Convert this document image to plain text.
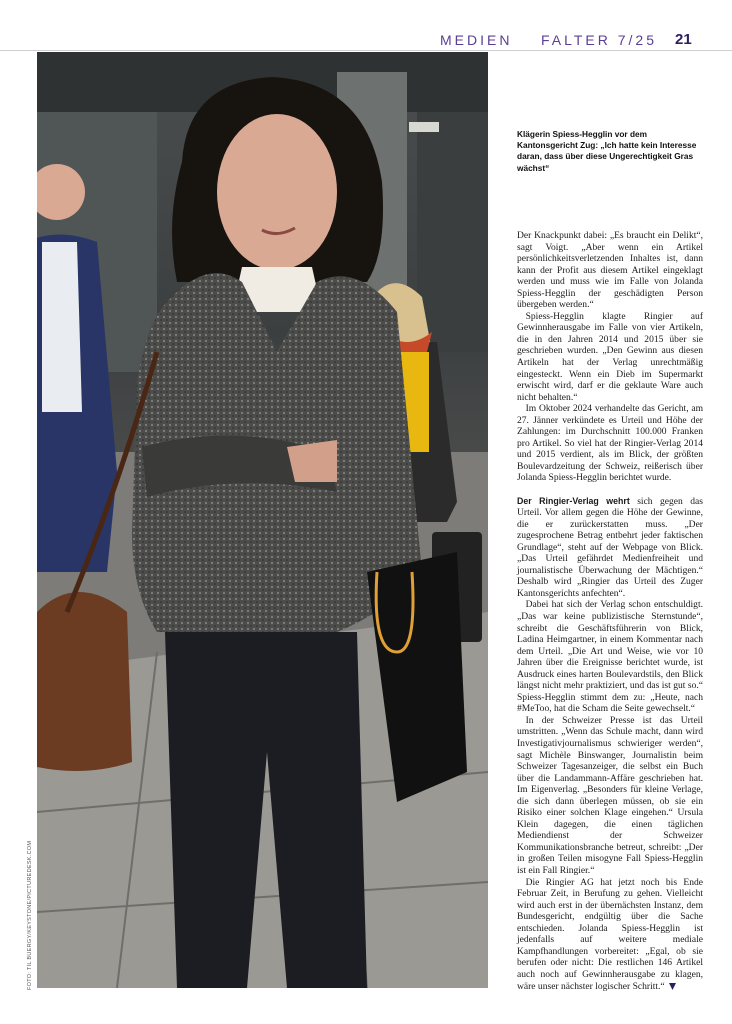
MEDIEN FALTER 7/25 21
FOTO: TIL BUERGY/KEYSTONE/PICTUREDESK.COM
Klägerin Spiess-Hegglin vor dem Kantonsgericht Zug: „Ich hatte kein Interesse daran, dass über diese Ungerechtigkeit Gras wächst“

Der Knackpunkt dabei: „Es braucht ein Delikt“, sagt Voigt. „Aber wenn ein Artikel persönlichkeitsverletzenden Inhaltes ist, dann kann der Profit aus diesem Artikel eingeklagt werden und muss wie im Falle von Jolanda Spiess-Hegglin der geschädigten Person übergeben werden.“

Spiess-Hegglin klagte Ringier auf Gewinnherausgabe im Falle von vier Artikeln, die in den Jahren 2014 und 2015 über sie geschrieben wurden. „Den Gewinn aus diesen Artikeln hat der Verlag unrechtmäßig eingesteckt. Wenn ein Dieb im Supermarkt erwischt wird, darf er die geklaute Ware auch nicht behalten.“

Im Oktober 2024 verhandelte das Gericht, am 27. Jänner verkündete es Urteil und Höhe der Zahlungen: im Durchschnitt 100.000 Franken pro Artikel. So viel hat der Ringier-Verlag 2014 und 2015 verdient, als im Blick, der größten Boulevardzeitung der Schweiz, reißerisch über Jolanda Spiess-Hegglin berichtet wurde.

Der Ringier-Verlag wehrt sich gegen das Urteil. Vor allem gegen die Höhe der Gewinne, die er zurückerstatten muss. „Der zugesprochene Betrag entbehrt jeder faktischen Grundlage“, steht auf der Webpage von Blick. „Das Urteil gefährdet Medienfreiheit und journalistische Überwachung der Mächtigen.“ Deshalb wird „Ringier das Urteil des Zuger Kantonsgerichts anfechten“.

Dabei hat sich der Verlag schon entschuldigt. „Das war keine publizistische Sternstunde“, schreibt die Geschäftsführerin von Blick, Ladina Heimgartner, in einem Kommentar nach dem Urteil. „Die Art und Weise, wie vor 10 Jahren über die Ereignisse berichtet wurde, ist Ausdruck eines harten Boulevardstils, den Blick längst nicht mehr praktiziert, und das ist gut so.“ Spiess-Hegglin stimmt dem zu: „Heute, nach #MeToo, hat die Scham die Seite gewechselt.“

In der Schweizer Presse ist das Urteil umstritten. „Wenn das Schule macht, dann wird Investigativjournalismus schwieriger werden“, sagt Michèle Binswanger, Journalistin beim Schweizer Tagesanzeiger, die selbst ein Buch über die Landammann-Affäre geschrieben hat. Im Eigenverlag. „Besonders für kleine Verlage, die sich dann überlegen müssen, ob sie ein Risiko einer solchen Klage eingehen.“ Ursula Klein dagegen, die einen täglichen Mediendienst der Schweizer Kommunikationsbranche betreut, schreibt: „Der in großen Teilen misogyne Fall Spiess-Hegglin ist ein Fall Ringier.“

Die Ringier AG hat jetzt noch bis Ende Februar Zeit, in Berufung zu gehen. Vielleicht wird auch erst in der übernächsten Instanz, dem Bundesgericht, endgültig über die Sache entschieden. Jolanda Spiess-Hegglin ist jedenfalls auf weitere mediale Kampfhandlungen vorbereitet: „Egal, ob sie berufen oder nicht: Die restlichen 146 Artikel auch noch auf Gewinnherausgabe zu klagen, wäre unser nächster logischer Schritt.“
